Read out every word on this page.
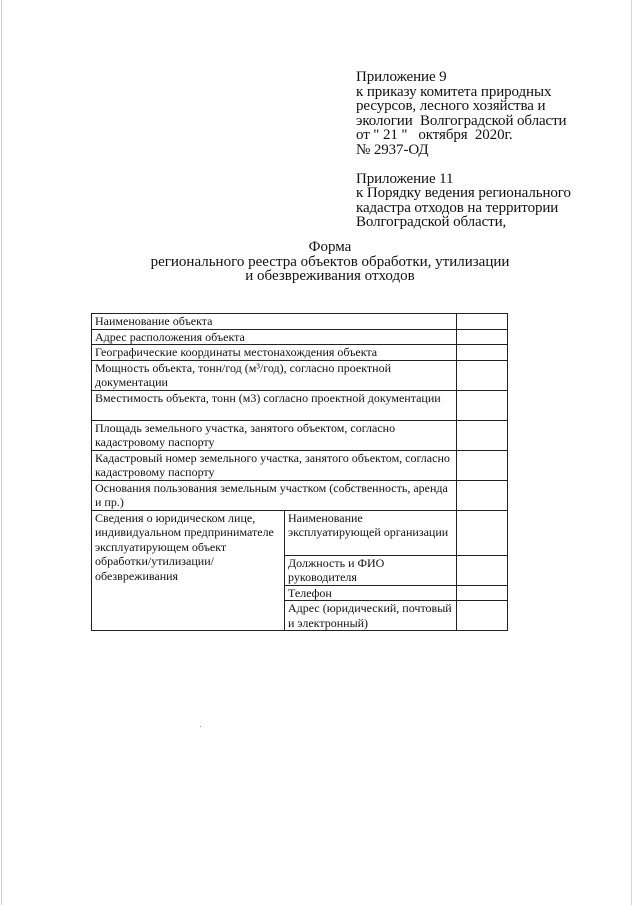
Приложение 9
к приказу комитета природных
ресурсов, лесного хозяйства и
экологии  Волгоградской области
от " 21 "   октября  2020г.
№ 2937-ОД
Приложение 11
к Порядку ведения регионального
кадастра отходов на территории
Волгоградской области,
Форма
регионального реестра объектов обработки, утилизации
и обезвреживания отходов
Наименование объекта		
Адрес расположения объекта		
Географические координаты местонахождения объекта		
Мощность объекта, тонн/год (м³/год), согласно проектной документации		
Вместимость объекта, тонн (м3) согласно проектной документации		
Площадь земельного участка, занятого объектом, согласно кадастровому паспорту		
Кадастровый номер земельного участка, занятого объектом, согласно кадастровому паспорту		
Основания пользования земельным участком (собственность, аренда и пр.)		
Сведения о юридическом лице, индивидуальном предпринимателе эксплуатирующем объект обработки/утилизации/ обезвреживания	Наименование эксплуатирующей организации	
	Должность и ФИО руководителя	
	Телефон	
	Адрес (юридический, почтовый и электронный)	
